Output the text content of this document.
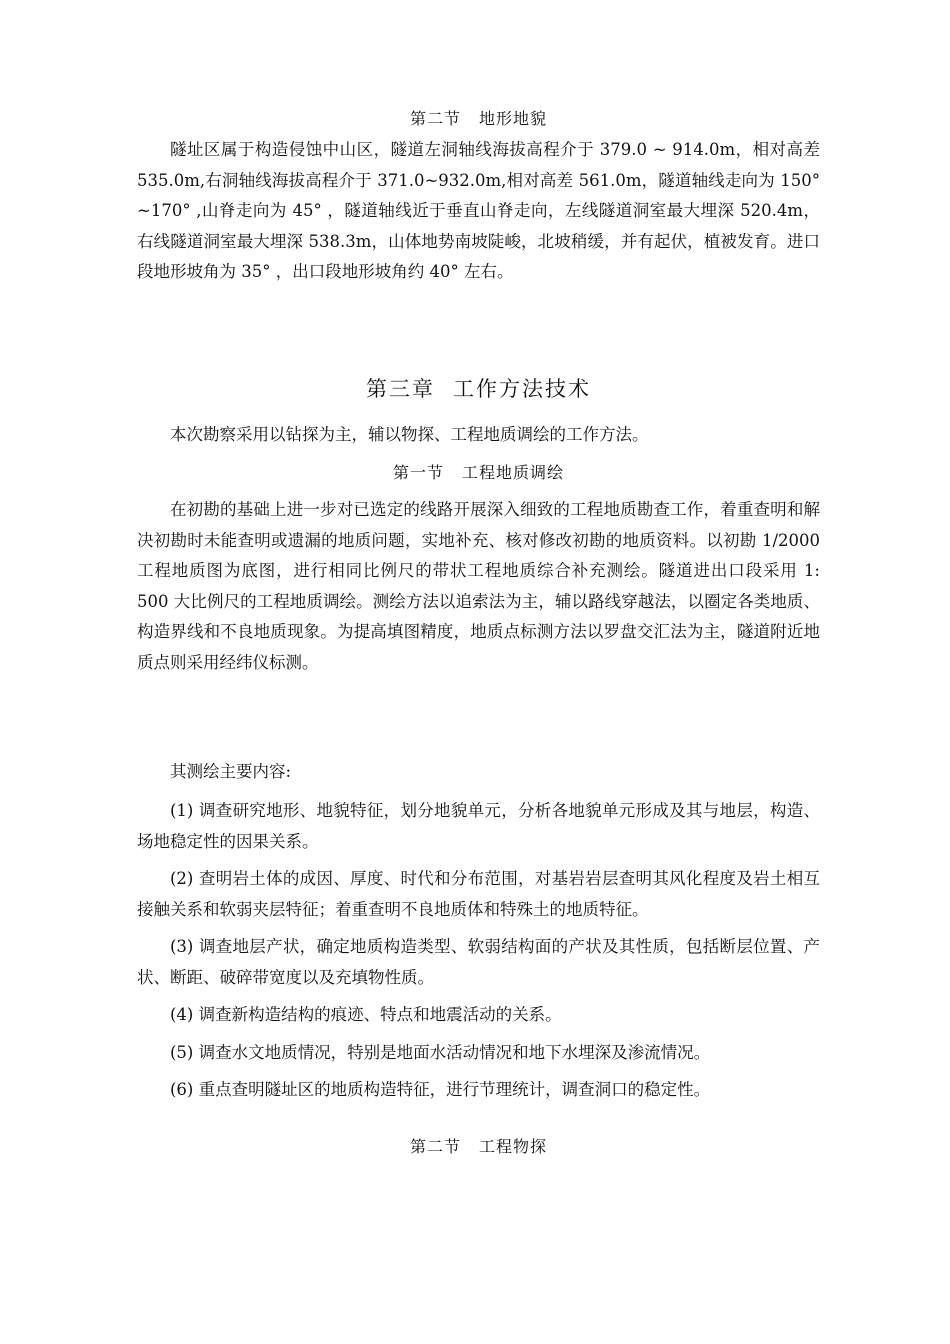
第二节 地形地貌

隧址区属于构造侵蚀中山区，隧道左洞轴线海拔高程介于 379.0 ~ 914.0m，相对高差 535.0m,右洞轴线海拔高程介于 371.0~932.0m,相对高差 561.0m，隧道轴线走向为 150° ~170° ,山脊走向为 45° ，隧道轴线近于垂直山脊走向，左线隧道洞室最大埋深 520.4m，右线隧道洞室最大埋深 538.3m，山体地势南坡陡峻，北坡稍缓，并有起伏，植被发育。进口段地形坡角为 35° ，出口段地形坡角约 40° 左右。

第三章 工作方法技术

本次勘察采用以钻探为主，辅以物探、工程地质调绘的工作方法。

第一节 工程地质调绘

在初勘的基础上进一步对已选定的线路开展深入细致的工程地质勘查工作，着重查明和解决初勘时未能查明或遗漏的地质问题，实地补充、核对修改初勘的地质资料。以初勘 1/2000 工程地质图为底图，进行相同比例尺的带状工程地质综合补充测绘。隧道进出口段采用 1: 500 大比例尺的工程地质调绘。测绘方法以追索法为主，辅以路线穿越法，以圈定各类地质、构造界线和不良地质现象。为提高填图精度，地质点标测方法以罗盘交汇法为主，隧道附近地质点则采用经纬仪标测。

其测绘主要内容:

(1) 调查研究地形、地貌特征，划分地貌单元，分析各地貌单元形成及其与地层，构造、场地稳定性的因果关系。

(2) 查明岩土体的成因、厚度、时代和分布范围，对基岩岩层查明其风化程度及岩土相互接触关系和软弱夹层特征；着重查明不良地质体和特殊土的地质特征。

(3) 调查地层产状，确定地质构造类型、软弱结构面的产状及其性质，包括断层位置、产状、断距、破碎带宽度以及充填物性质。

(4) 调查新构造结构的痕迹、特点和地震活动的关系。

(5) 调查水文地质情况，特别是地面水活动情况和地下水埋深及渗流情况。

(6) 重点查明隧址区的地质构造特征，进行节理统计，调查洞口的稳定性。

第二节 工程物探
